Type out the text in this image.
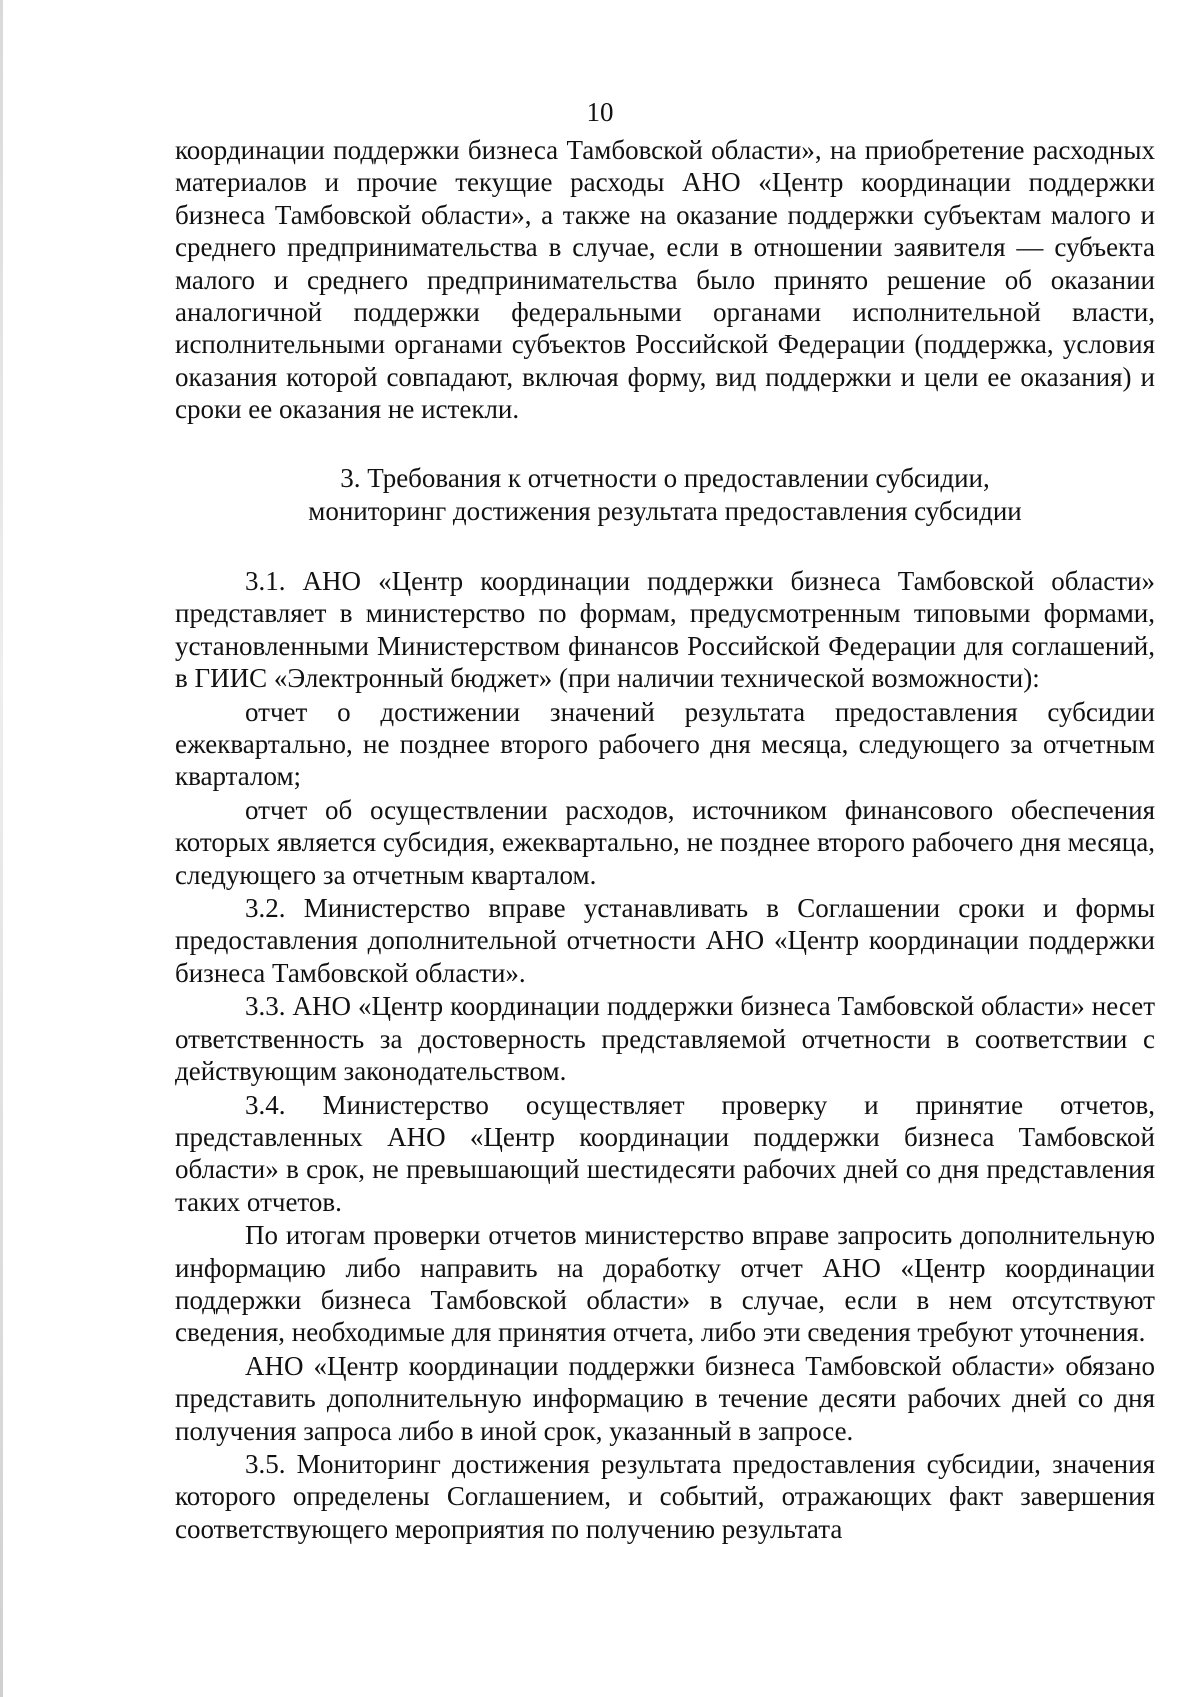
10

координации поддержки бизнеса Тамбовской области», на приобретение расходных материалов и прочие текущие расходы АНО «Центр координации поддержки бизнеса Тамбовской области», а также на оказание поддержки субъектам малого и среднего предпринимательства в случае, если в отношении заявителя — субъекта малого и среднего предпринимательства было принято решение об оказании аналогичной поддержки федеральными органами исполнительной власти, исполнительными органами субъектов Российской Федерации (поддержка, условия оказания которой совпадают, включая форму, вид поддержки и цели ее оказания) и сроки ее оказания не истекли.

3. Требования к отчетности о предоставлении субсидии,
мониторинг достижения результата предоставления субсидии

3.1. АНО «Центр координации поддержки бизнеса Тамбовской области» представляет в министерство по формам, предусмотренным типовыми формами, установленными Министерством финансов Российской Федерации для соглашений, в ГИИС «Электронный бюджет» (при наличии технической возможности):

отчет о достижении значений результата предоставления субсидии ежеквартально, не позднее второго рабочего дня месяца, следующего за отчетным кварталом;

отчет об осуществлении расходов, источником финансового обеспечения которых является субсидия, ежеквартально, не позднее второго рабочего дня месяца, следующего за отчетным кварталом.

3.2. Министерство вправе устанавливать в Соглашении сроки и формы предоставления дополнительной отчетности АНО «Центр координации поддержки бизнеса Тамбовской области».

3.3. АНО «Центр координации поддержки бизнеса Тамбовской области» несет ответственность за достоверность представляемой отчетности в соответствии с действующим законодательством.

3.4. Министерство осуществляет проверку и принятие отчетов, представленных АНО «Центр координации поддержки бизнеса Тамбовской области» в срок, не превышающий шестидесяти рабочих дней со дня представления таких отчетов.

По итогам проверки отчетов министерство вправе запросить дополнительную информацию либо направить на доработку отчет АНО «Центр координации поддержки бизнеса Тамбовской области» в случае, если в нем отсутствуют сведения, необходимые для принятия отчета, либо эти сведения требуют уточнения.

АНО «Центр координации поддержки бизнеса Тамбовской области» обязано представить дополнительную информацию в течение десяти рабочих дней со дня получения запроса либо в иной срок, указанный в запросе.

3.5. Мониторинг достижения результата предоставления субсидии, значения которого определены Соглашением, и событий, отражающих факт завершения соответствующего мероприятия по получению результата
